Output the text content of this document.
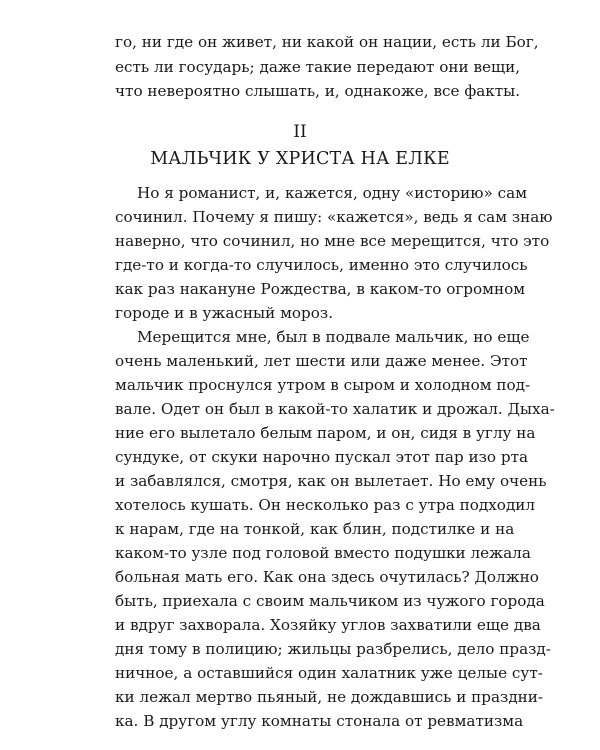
го, ни где он живет, ни какой он нации, есть ли Бог,
есть ли государь; даже такие передают они вещи,
что невероятно слышать, и, однакоже, все факты.
II
МАЛЬЧИК У ХРИСТА НА ЕЛКЕ
Но я романист, и, кажется, одну «историю» сам
сочинил. Почему я пишу: «кажется», ведь я сам знаю
наверно, что сочинил, но мне все мерещится, что это
где-то и когда-то случилось, именно это случилось
как раз накануне Рождества, в каком-то огромном
городе и в ужасный мороз.
Мерещится мне, был в подвале мальчик, но еще
очень маленький, лет шести или даже менее. Этот
мальчик проснулся утром в сыром и холодном под-
вале. Одет он был в какой-то халатик и дрожал. Дыха-
ние его вылетало белым паром, и он, сидя в углу на
сундуке, от скуки нарочно пускал этот пар изо рта
и забавлялся, смотря, как он вылетает. Но ему очень
хотелось кушать. Он несколько раз с утра подходил
к нарам, где на тонкой, как блин, подстилке и на
каком-то узле под головой вместо подушки лежала
больная мать его. Как она здесь очутилась? Должно
быть, приехала с своим мальчиком из чужого города
и вдруг захворала. Хозяйку углов захватили еще два
дня тому в полицию; жильцы разбрелись, дело празд-
ничное, а оставшийся один халатник уже целые сут-
ки лежал мертво пьяный, не дождавшись и праздни-
ка. В другом углу комнаты стонала от ревматизма
